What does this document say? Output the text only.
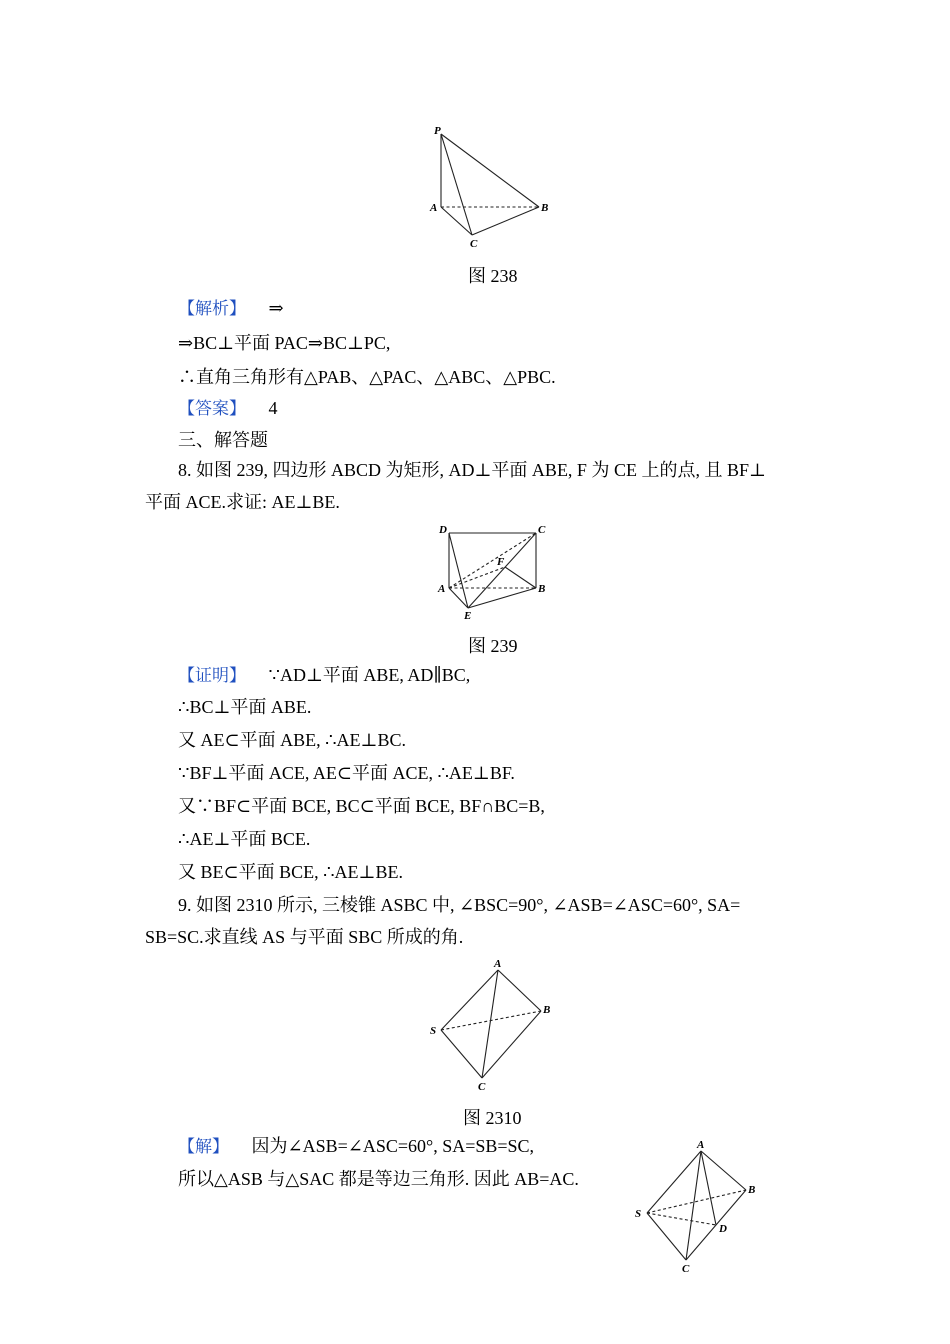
P
A	B
C
图 238
【解析】 ⇒
⇒BC⊥平面 PAC⇒BC⊥PC,
∴直角三角形有△PAB、△PAC、△ABC、△PBC.
【答案】 4
三、解答题
8. 如图 239, 四边形 ABCD 为矩形, AD⊥平面 ABE, F 为 CE 上的点, 且 BF⊥
平面 ACE.求证: AE⊥BE.
D	C
F
A	B
E
图 239
【证明】 ∵AD⊥平面 ABE, AD∥BC,
∴BC⊥平面 ABE.
又 AE⊂平面 ABE, ∴AE⊥BC.
∵BF⊥平面 ACE, AE⊂平面 ACE, ∴AE⊥BF.
又∵BF⊂平面 BCE, BC⊂平面 BCE, BF∩BC=B,
∴AE⊥平面 BCE.
又 BE⊂平面 BCE, ∴AE⊥BE.
9. 如图 2310 所示, 三棱锥 ASBC 中, ∠BSC=90°, ∠ASB=∠ASC=60°, SA=
SB=SC.求直线 AS 与平面 SBC 所成的角.
A
B
S
C
图 2310
【解】 因为∠ASB=∠ASC=60°, SA=SB=SC,
所以△ASB 与△SAC 都是等边三角形. 因此 AB=AC.
A
B
S
D
C
